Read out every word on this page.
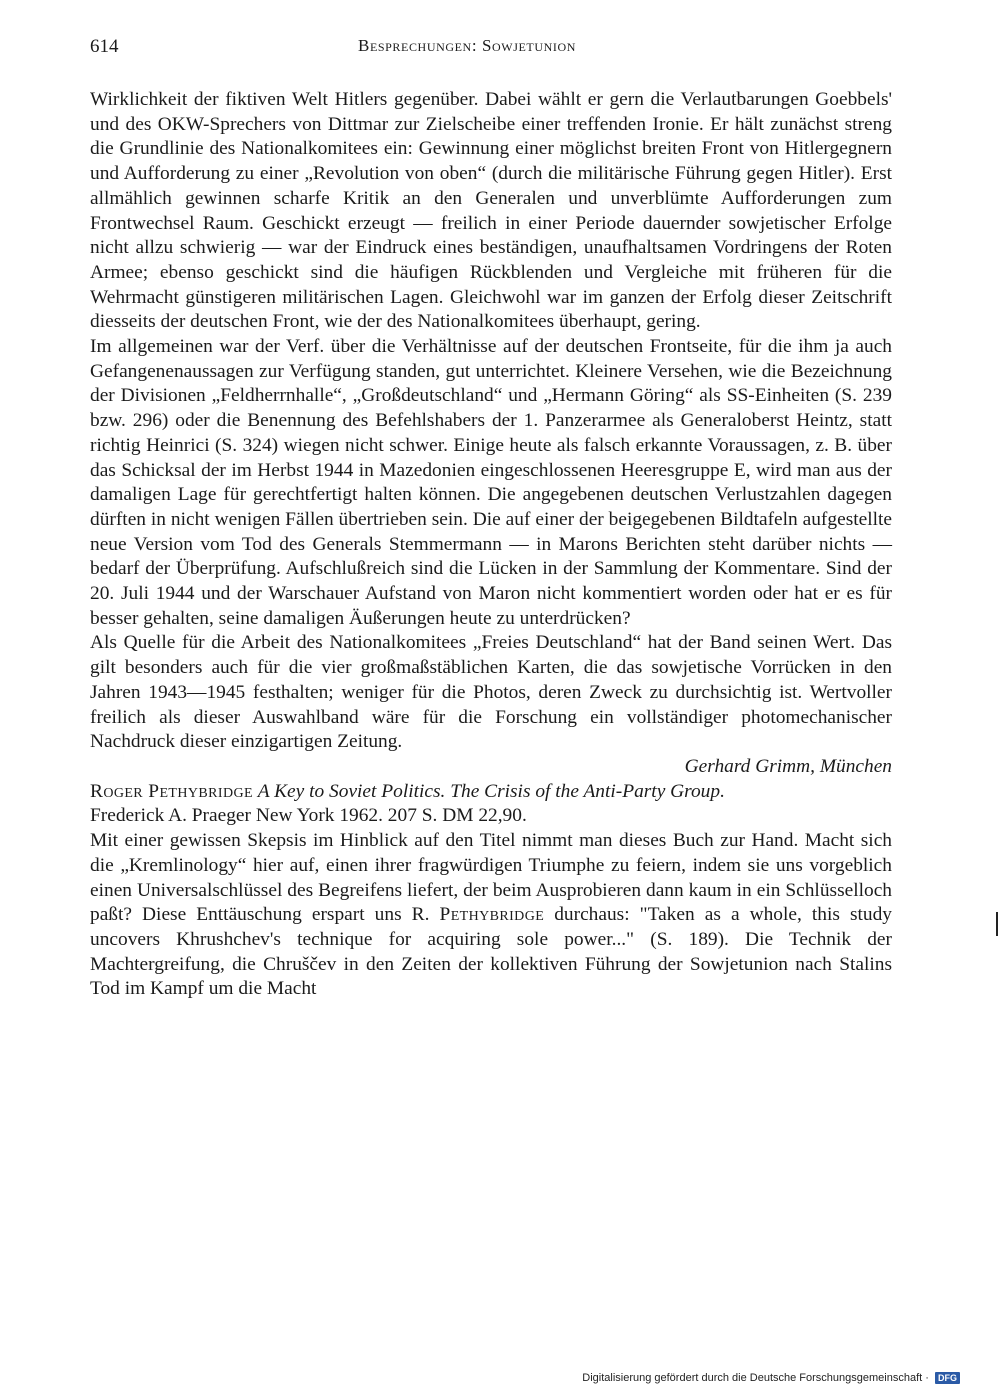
614	Besprechungen: Sowjetunion

Wirklichkeit der fiktiven Welt Hitlers gegenüber. Dabei wählt er gern die Verlautbarungen Goebbels' und des OKW-Sprechers von Dittmar zur Zielscheibe einer treffenden Ironie. Er hält zunächst streng die Grundlinie des Nationalkomitees ein: Gewinnung einer möglichst breiten Front von Hitlergegnern und Aufforderung zu einer „Revolution von oben“ (durch die militärische Führung gegen Hitler). Erst allmählich gewinnen scharfe Kritik an den Generalen und unverblümte Aufforderungen zum Frontwechsel Raum. Geschickt erzeugt — freilich in einer Periode dauernder sowjetischer Erfolge nicht allzu schwierig — war der Eindruck eines beständigen, unaufhaltsamen Vordringens der Roten Armee; ebenso geschickt sind die häufigen Rückblenden und Vergleiche mit früheren für die Wehrmacht günstigeren militärischen Lagen. Gleichwohl war im ganzen der Erfolg dieser Zeitschrift diesseits der deutschen Front, wie der des Nationalkomitees überhaupt, gering.

Im allgemeinen war der Verf. über die Verhältnisse auf der deutschen Frontseite, für die ihm ja auch Gefangenenaussagen zur Verfügung standen, gut unterrichtet. Kleinere Versehen, wie die Bezeichnung der Divisionen „Feldherrnhalle“, „Großdeutschland“ und „Hermann Göring“ als SS-Einheiten (S. 239 bzw. 296) oder die Benennung des Befehlshabers der 1. Panzerarmee als Generaloberst Heintz, statt richtig Heinrici (S. 324) wiegen nicht schwer. Einige heute als falsch erkannte Voraussagen, z. B. über das Schicksal der im Herbst 1944 in Mazedonien eingeschlossenen Heeresgruppe E, wird man aus der damaligen Lage für gerechtfertigt halten können. Die angegebenen deutschen Verlustzahlen dagegen dürften in nicht wenigen Fällen übertrieben sein. Die auf einer der beigegebenen Bildtafeln aufgestellte neue Version vom Tod des Generals Stemmermann — in Marons Berichten steht darüber nichts — bedarf der Überprüfung. Aufschlußreich sind die Lücken in der Sammlung der Kommentare. Sind der 20. Juli 1944 und der Warschauer Aufstand von Maron nicht kommentiert worden oder hat er es für besser gehalten, seine damaligen Äußerungen heute zu unterdrücken?

Als Quelle für die Arbeit des Nationalkomitees „Freies Deutschland“ hat der Band seinen Wert. Das gilt besonders auch für die vier großmaßstäblichen Karten, die das sowjetische Vorrücken in den Jahren 1943—1945 festhalten; weniger für die Photos, deren Zweck zu durchsichtig ist. Wertvoller freilich als dieser Auswahlband wäre für die Forschung ein vollständiger photomechanischer Nachdruck dieser einzigartigen Zeitung.

Gerhard Grimm, München

Roger Pethybridge A Key to Soviet Politics. The Crisis of the Anti-Party Group.
Frederick A. Praeger New York 1962. 207 S. DM 22,90.

Mit einer gewissen Skepsis im Hinblick auf den Titel nimmt man dieses Buch zur Hand. Macht sich die „Kremlinology“ hier auf, einen ihrer fragwürdigen Triumphe zu feiern, indem sie uns vorgeblich einen Universalschlüssel des Begreifens liefert, der beim Ausprobieren dann kaum in ein Schlüsselloch paßt? Diese Enttäuschung erspart uns R. Pethybridge durchaus: "Taken as a whole, this study uncovers Khrushchev's technique for acquiring sole power..." (S. 189). Die Technik der Machtergreifung, die Chruščev in den Zeiten der kollektiven Führung der Sowjetunion nach Stalins Tod im Kampf um die Macht

Digitalisierung gefördert durch die Deutsche Forschungsgemeinschaft · DFG
